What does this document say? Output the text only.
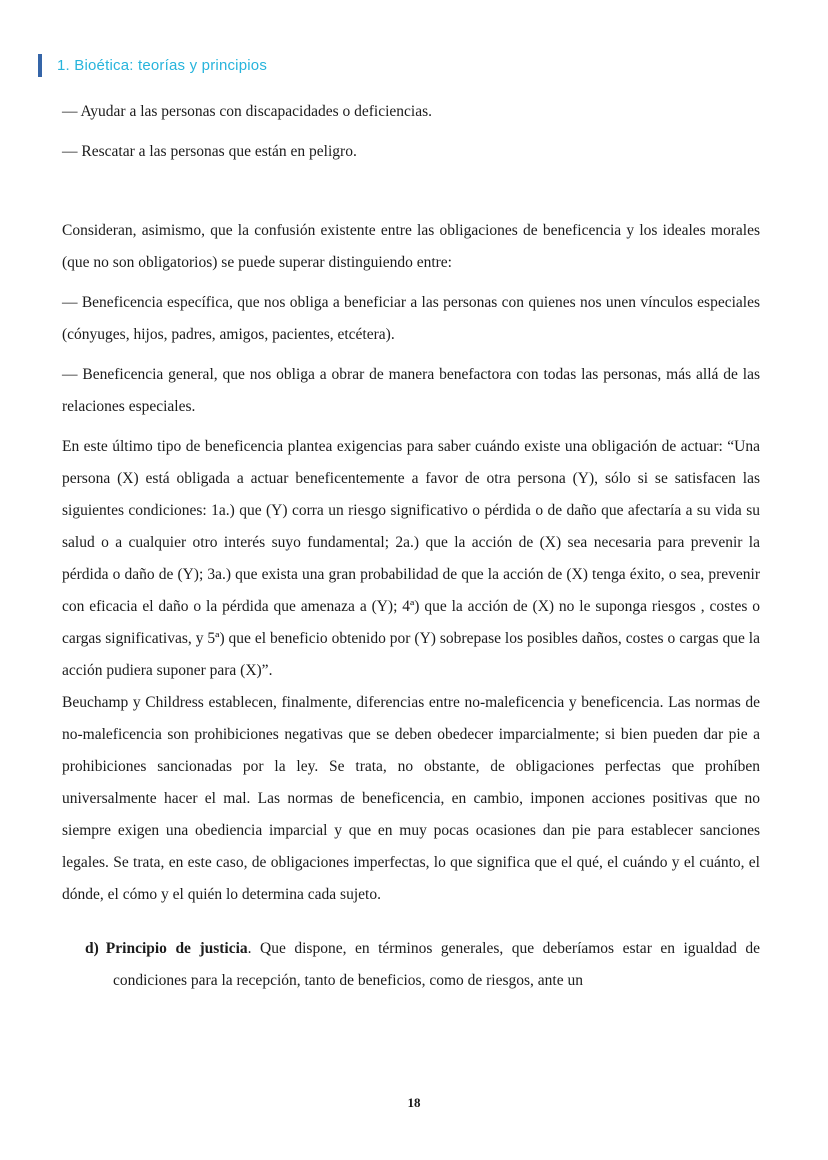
1. Bioética: teorías y principios

— Ayudar a las personas con discapacidades o deficiencias.

— Rescatar a las personas que están en peligro.

Consideran, asimismo, que la confusión existente entre las obligaciones de beneficencia y los ideales morales (que no son obligatorios) se puede superar distinguiendo entre:

— Beneficencia específica, que nos obliga a beneficiar a las personas con quienes nos unen vínculos especiales (cónyuges, hijos, padres, amigos, pacientes, etcétera).

— Beneficencia general, que nos obliga a obrar de manera benefactora con todas las personas, más allá de las relaciones especiales.

En este último tipo de beneficencia plantea exigencias para saber cuándo existe una obligación de actuar: “Una persona (X) está obligada a actuar beneficentemente a favor de otra persona (Y), sólo si se satisfacen las siguientes condiciones: 1a.) que (Y) corra un riesgo significativo o pérdida o de daño que afectaría a su vida su salud o a cualquier otro interés suyo fundamental; 2a.) que la acción de (X) sea necesaria para prevenir la pérdida o daño de (Y); 3a.) que exista una gran probabilidad de que la acción de (X) tenga éxito, o sea, prevenir con eficacia el daño o la pérdida que amenaza a (Y); 4ª) que la acción de (X) no le suponga riesgos , costes o cargas significativas, y 5ª) que el beneficio obtenido por (Y) sobrepase los posibles daños, costes o cargas que la acción pudiera suponer para (X)”.

Beuchamp y Childress establecen, finalmente, diferencias entre no-maleficencia y beneficencia. Las normas de no-maleficencia son prohibiciones negativas que se deben obedecer imparcialmente; si bien pueden dar pie a prohibiciones sancionadas por la ley. Se trata, no obstante, de obligaciones perfectas que prohíben universalmente hacer el mal. Las normas de beneficencia, en cambio, imponen acciones positivas que no siempre exigen una obediencia imparcial y que en muy pocas ocasiones dan pie para establecer sanciones legales. Se trata, en este caso, de obligaciones imperfectas, lo que significa que el qué, el cuándo y el cuánto, el dónde, el cómo y el quién lo determina cada sujeto.

d) Principio de justicia. Que dispone, en términos generales, que deberíamos estar en igualdad de condiciones para la recepción, tanto de beneficios, como de riesgos, ante un

18
